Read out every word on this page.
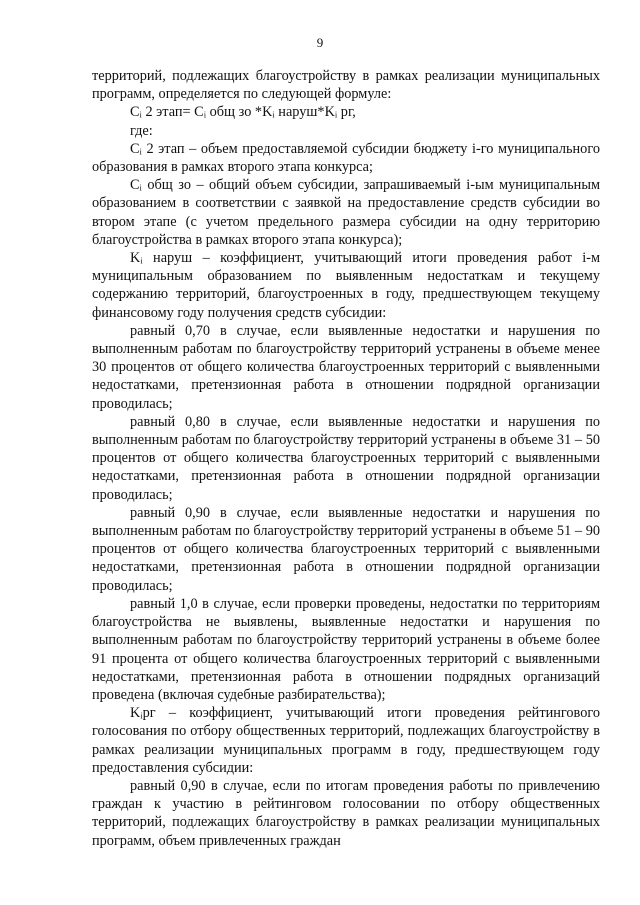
9

территорий, подлежащих благоустройству в рамках реализации муниципальных программ, определяется по следующей формуле:

Cᵢ 2 этап= Cᵢ общ зо *Kᵢ наруш*Kᵢ рг,

где:

Cᵢ 2 этап – объем предоставляемой субсидии бюджету i-го муниципального образования в рамках второго этапа конкурса;

Cᵢ общ зо – общий объем субсидии, запрашиваемый i-ым муниципальным образованием в соответствии с заявкой на предоставление средств субсидии во втором этапе (с учетом предельного размера субсидии на одну территорию благоустройства в рамках второго этапа конкурса);

Kᵢ наруш – коэффициент, учитывающий итоги проведения работ i-м муниципальным образованием по выявленным недостаткам и текущему содержанию территорий, благоустроенных в году, предшествующем текущему финансовому году получения средств субсидии:

равный 0,70 в случае, если выявленные недостатки и нарушения по выполненным работам по благоустройству территорий устранены в объеме менее 30 процентов от общего количества благоустроенных территорий с выявленными недостатками, претензионная работа в отношении подрядной организации проводилась;

равный 0,80 в случае, если выявленные недостатки и нарушения по выполненным работам по благоустройству территорий устранены в объеме 31 – 50 процентов от общего количества благоустроенных территорий с выявленными недостатками, претензионная работа в отношении подрядной организации проводилась;

равный 0,90 в случае, если выявленные недостатки и нарушения по выполненным работам по благоустройству территорий устранены в объеме 51 – 90 процентов от общего количества благоустроенных территорий с выявленными недостатками, претензионная работа в отношении подрядной организации проводилась;

равный 1,0 в случае, если проверки проведены, недостатки по территориям благоустройства не выявлены, выявленные недостатки и нарушения по выполненным работам по благоустройству территорий устранены в объеме более 91 процента от общего количества благоустроенных территорий с выявленными недостатками, претензионная работа в отношении подрядных организаций проведена (включая судебные разбирательства);

Kᵢрг – коэффициент, учитывающий итоги проведения рейтингового голосования по отбору общественных территорий, подлежащих благоустройству в рамках реализации муниципальных программ в году, предшествующем году предоставления субсидии:

равный 0,90 в случае, если по итогам проведения работы по привлечению граждан к участию в рейтинговом голосовании по отбору общественных территорий, подлежащих благоустройству в рамках реализации муниципальных программ, объем привлеченных граждан
